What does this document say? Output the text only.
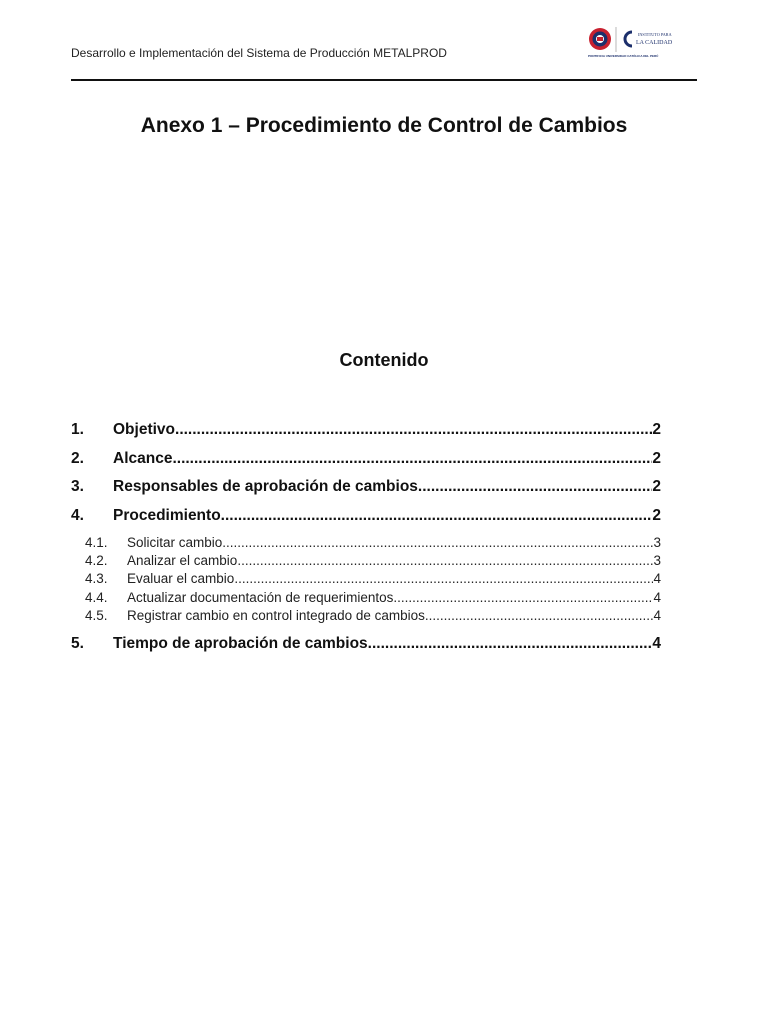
Desarrollo e Implementación del Sistema de Producción METALPROD
INSTITUTO PARA
LA CALIDAD
PONTIFICIA UNIVERSIDAD CATÓLICA DEL PERÚ
Anexo 1 – Procedimiento de Control de Cambios
Contenido
1.	Objetivo .....	2
2.	Alcance .....	2
3.	Responsables de aprobación de cambios .....	2
4.	Procedimiento .....	2
4.1.	Solicitar cambio .....	3
4.2.	Analizar el cambio .....	3
4.3.	Evaluar el cambio .....	4
4.4.	Actualizar documentación de requerimientos .....	4
4.5.	Registrar cambio en control integrado de cambios .....	4
5.	Tiempo de aprobación de cambios .....	4
